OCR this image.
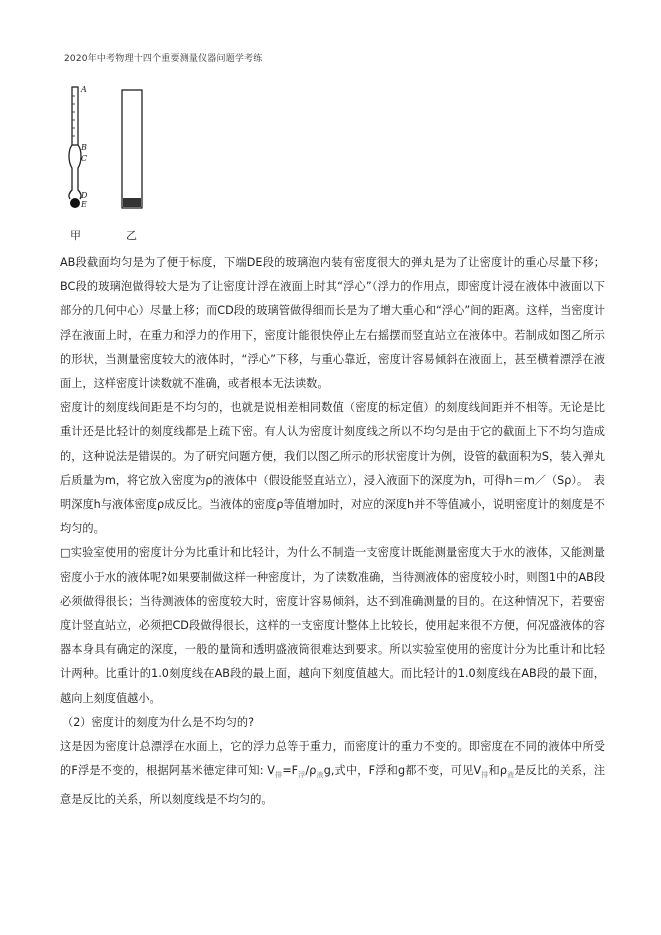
2020年中考物理十四个重要测量仪器问题学考练
A
B
C
D
E
甲	乙

AB段截面均匀是为了便于标度，下端DE段的玻璃泡内装有密度很大的弹丸是为了让密度计的重心尽量下移；BC段的玻璃泡做得较大是为了让密度计浮在液面上时其“浮心”（浮力的作用点，即密度计浸在液体中液面以下部分的几何中心）尽量上移；而CD段的玻璃管做得细而长是为了增大重心和“浮心”间的距离。这样，当密度计浮在液面上时，在重力和浮力的作用下，密度计能很快停止左右摇摆而竖直站立在液体中。若制成如图乙所示的形状，当测量密度较大的液体时，“浮心”下移，与重心靠近，密度计容易倾斜在液面上，甚至横着漂浮在液面上，这样密度计读数就不准确，或者根本无法读数。

密度计的刻度线间距是不均匀的，也就是说相差相同数值（密度的标定值）的刻度线间距并不相等。无论是比重计还是比轻计的刻度线都是上疏下密。有人认为密度计刻度线之所以不均匀是由于它的截面上下不均匀造成的，这种说法是错误的。为了研究问题方便，我们以图乙所示的形状密度计为例，设管的截面积为S，装入弹丸后质量为m，将它放入密度为ρ的液体中（假设能竖直站立），浸入液面下的深度为h，可得h＝m／（Sρ）。　表明深度h与液体密度ρ成反比。当液体的密度ρ等值增加时，对应的深度h并不等值减小，说明密度计的刻度是不均匀的。

□实验室使用的密度计分为比重计和比轻计，为什么不制造一支密度计既能测量密度大于水的液体，又能测量密度小于水的液体呢?如果要制做这样一种密度计，为了读数准确，当待测液体的密度较小时，则图1中的AB段必须做得很长；当待测液体的密度较大时，密度计容易倾斜，达不到准确测量的目的。在这种情况下，若要密度计竖直站立，必须把CD段做得很长，这样的一支密度计整体上比较长，使用起来很不方便，何况盛液体的容器本身具有确定的深度，一般的量筒和透明盛液筒很难达到要求。所以实验室使用的密度计分为比重计和比轻计两种。比重计的1.0刻度线在AB段的最上面，越向下刻度值越大。而比轻计的1.0刻度线在AB段的最下面，越向上刻度值越小。

（2）密度计的刻度为什么是不均匀的?

这是因为密度计总漂浮在水面上，它的浮力总等于重力，而密度计的重力不变的。即密度在不同的液体中所受的F浮是不变的，根据阿基米德定律可知: $V_排=F_浮/\rho_液g$,式中，F浮和g都不变，可见$V_排$和$\rho_液$是反比的关系，注意是反比的关系，所以刻度线是不均匀的。
